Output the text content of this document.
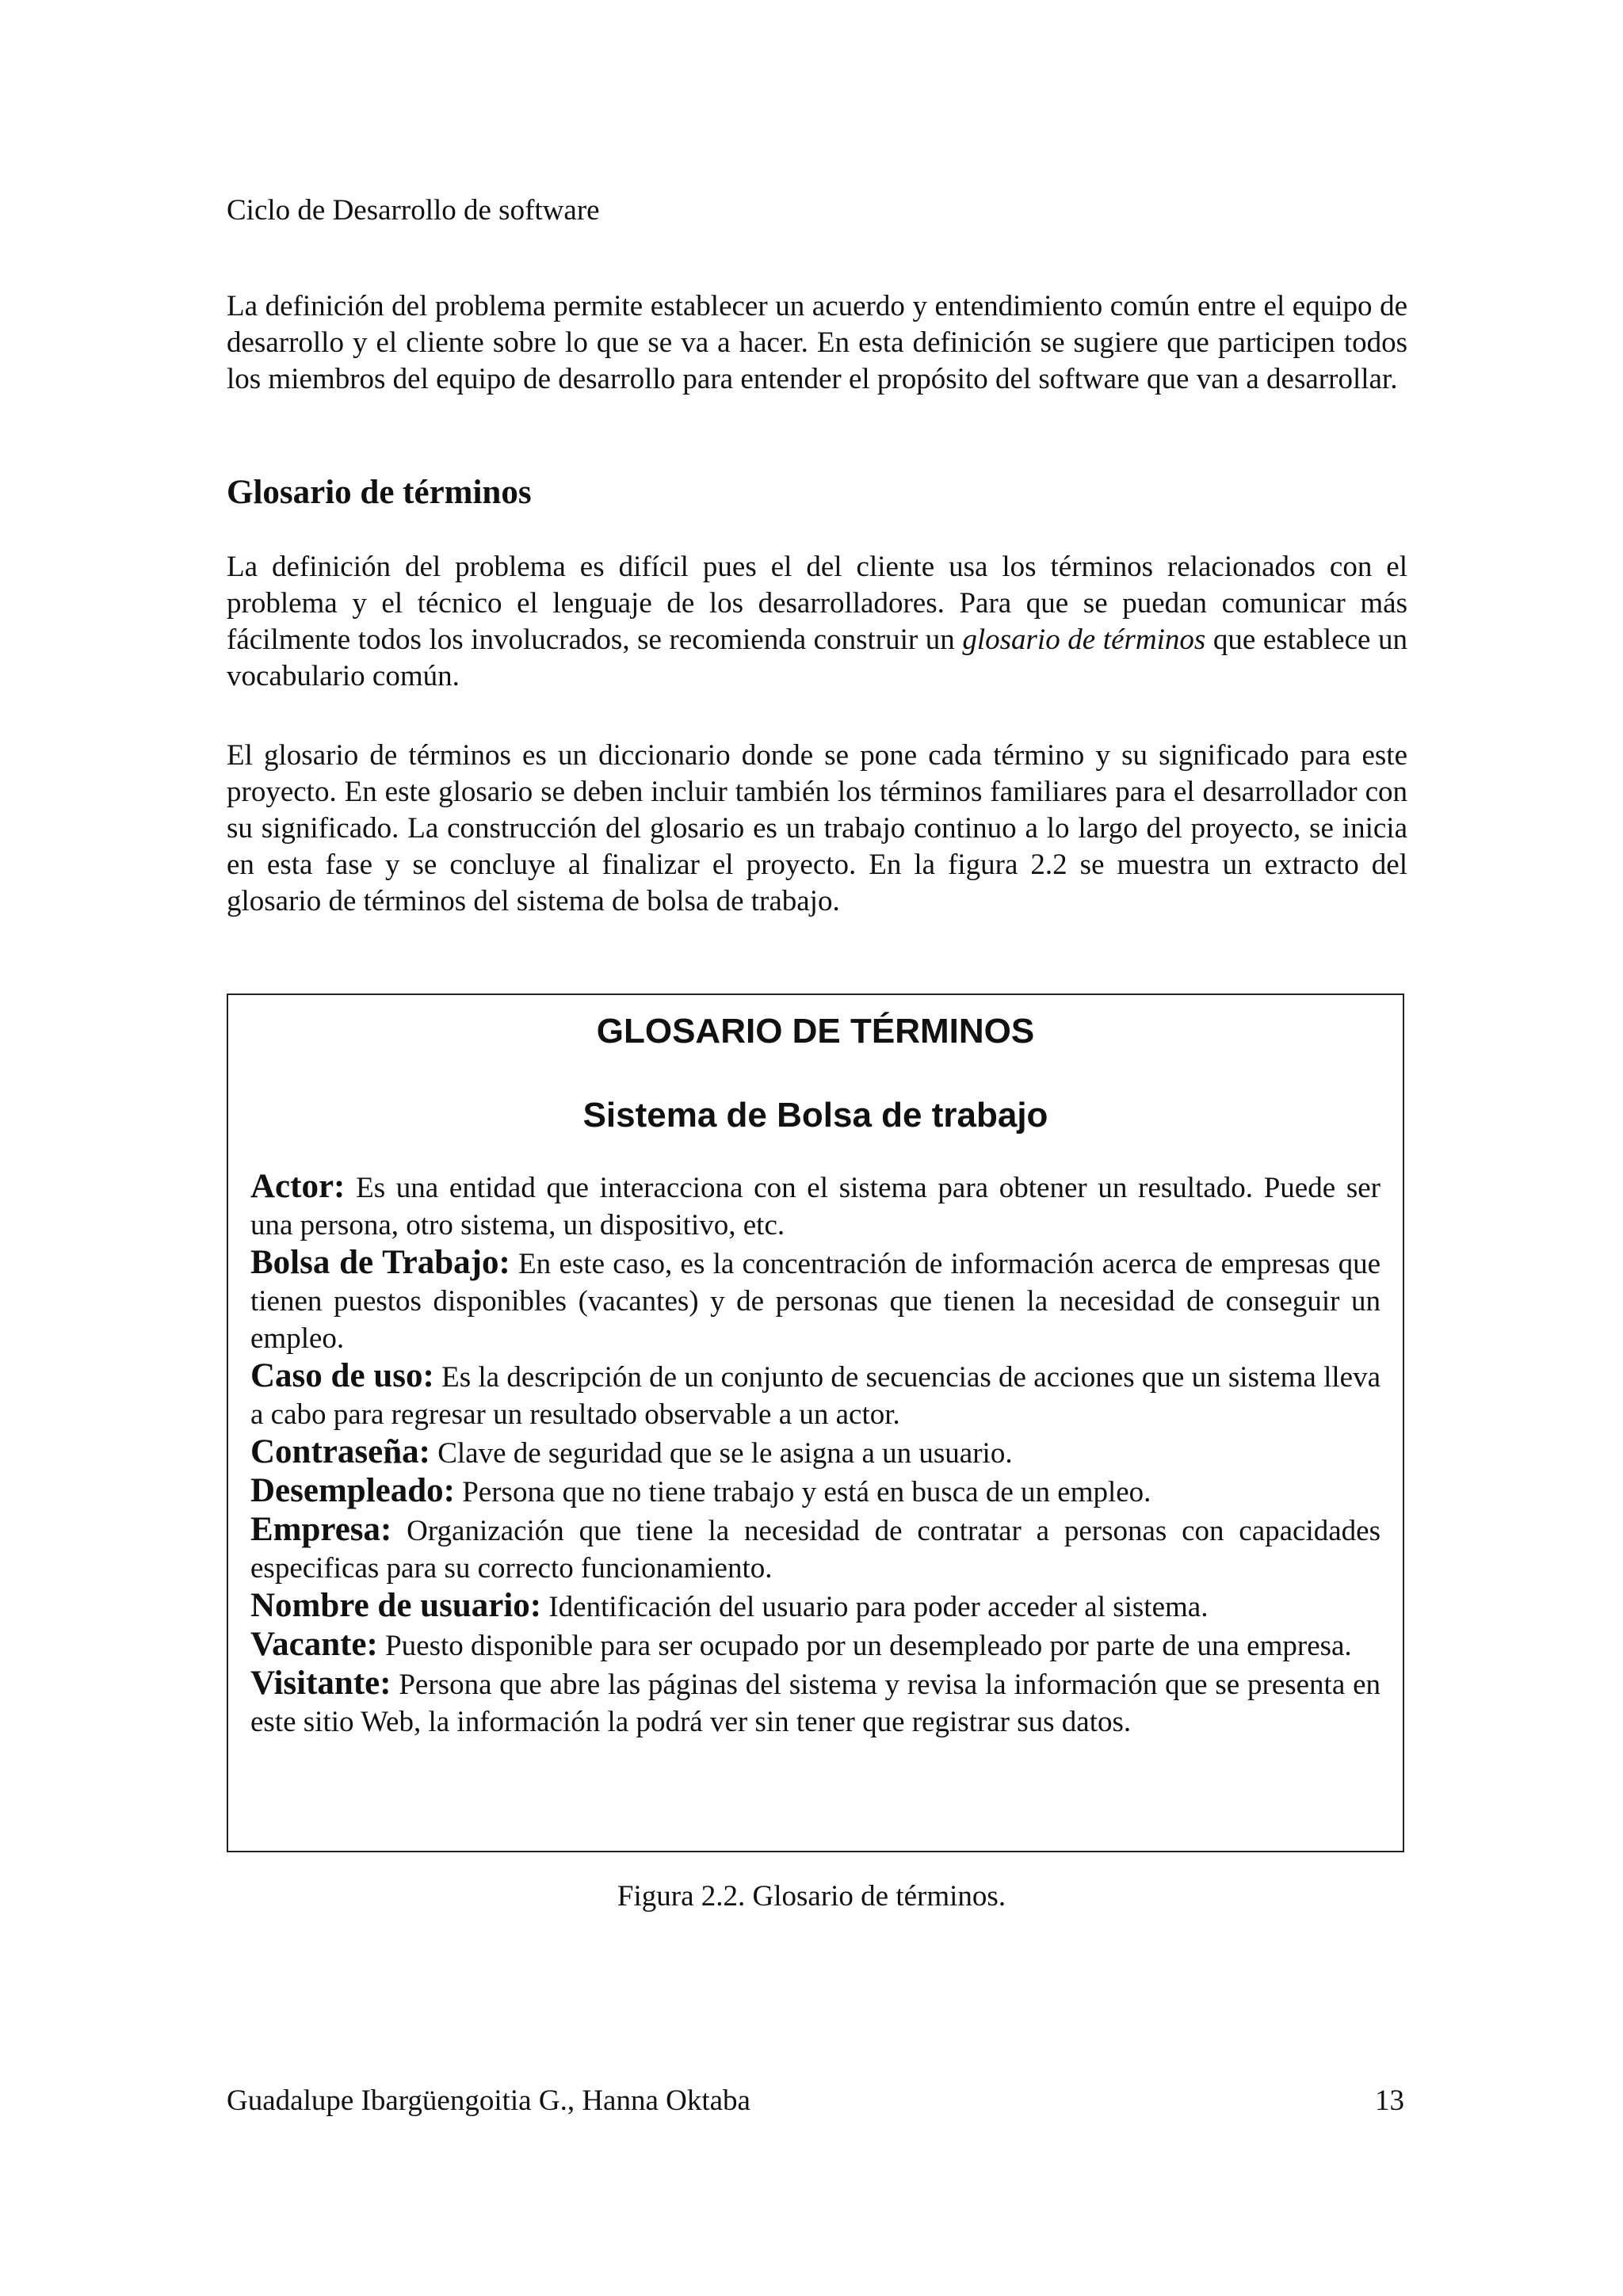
Ciclo de Desarrollo de software

La definición del problema permite establecer un acuerdo y entendimiento común entre el equipo de desarrollo y el cliente sobre lo que se va a hacer. En esta definición se sugiere que participen todos los miembros del equipo de desarrollo para entender el propósito del software que van a desarrollar.

Glosario de términos

La definición del problema es difícil pues el del cliente usa los términos relacionados con el problema y el técnico el lenguaje de los desarrolladores. Para que se puedan comunicar más fácilmente todos los involucrados, se recomienda construir un glosario de términos que establece un vocabulario común.

El glosario de términos es un diccionario donde se pone cada término y su significado para este proyecto. En este glosario se deben incluir también los términos familiares para el desarrollador con su significado. La construcción del glosario es un trabajo continuo a lo largo del proyecto, se inicia en esta fase y se concluye al finalizar el proyecto. En la figura 2.2 se muestra un extracto del glosario de términos del sistema de bolsa de trabajo.

GLOSARIO DE TÉRMINOS
Sistema de Bolsa de trabajo

Actor: Es una entidad que interacciona con el sistema para obtener un resultado. Puede ser una persona, otro sistema, un dispositivo, etc.

Bolsa de Trabajo: En este caso, es la concentración de información acerca de empresas que tienen puestos disponibles (vacantes) y de personas que tienen la necesidad de conseguir un empleo.

Caso de uso: Es la descripción de un conjunto de secuencias de acciones que un sistema lleva a cabo para regresar un resultado observable a un actor.

Contraseña: Clave de seguridad que se le asigna a un usuario.

Desempleado: Persona que no tiene trabajo y está en busca de un empleo.

Empresa: Organización que tiene la necesidad de contratar a personas con capacidades especificas para su correcto funcionamiento.

Nombre de usuario: Identificación del usuario para poder acceder al sistema.

Vacante: Puesto disponible para ser ocupado por un desempleado por parte de una empresa.

Visitante: Persona que abre las páginas del sistema y revisa la información que se presenta en este sitio Web, la información la podrá ver sin tener que registrar sus datos.

Figura 2.2. Glosario de términos.

Guadalupe Ibargüengoitia G., Hanna Oktaba	13
